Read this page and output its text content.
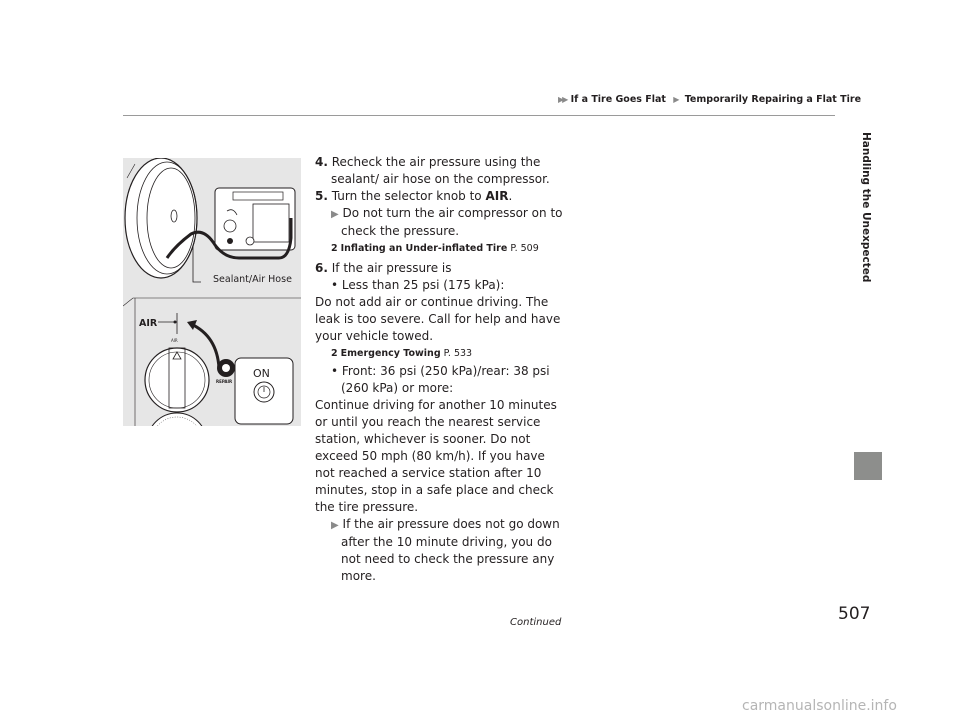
▶▶ If a Tire Goes Flat ▶ Temporarily Repairing a Flat Tire
Handling the Unexpected
Sealant/Air Hose
AIR
AIR
REPAIR
ON

4. Recheck the air pressure using the sealant/ air hose on the compressor.

5. Turn the selector knob to AIR.

▶ Do not turn the air compressor on to check the pressure.

2 Inflating an Under-inflated Tire P. 509

6. If the air pressure is

• Less than 25 psi (175 kPa):

Do not add air or continue driving. The leak is too severe. Call for help and have your vehicle towed.

2 Emergency Towing P. 533

• Front: 36 psi (250 kPa)/rear: 38 psi (260 kPa) or more:

Continue driving for another 10 minutes or until you reach the nearest service station, whichever is sooner. Do not exceed 50 mph (80 km/h). If you have not reached a service station after 10 minutes, stop in a safe place and check the tire pressure.

▶ If the air pressure does not go down after the 10 minute driving, you do not need to check the pressure any more.

Continued	507
carmanualsonline.info
